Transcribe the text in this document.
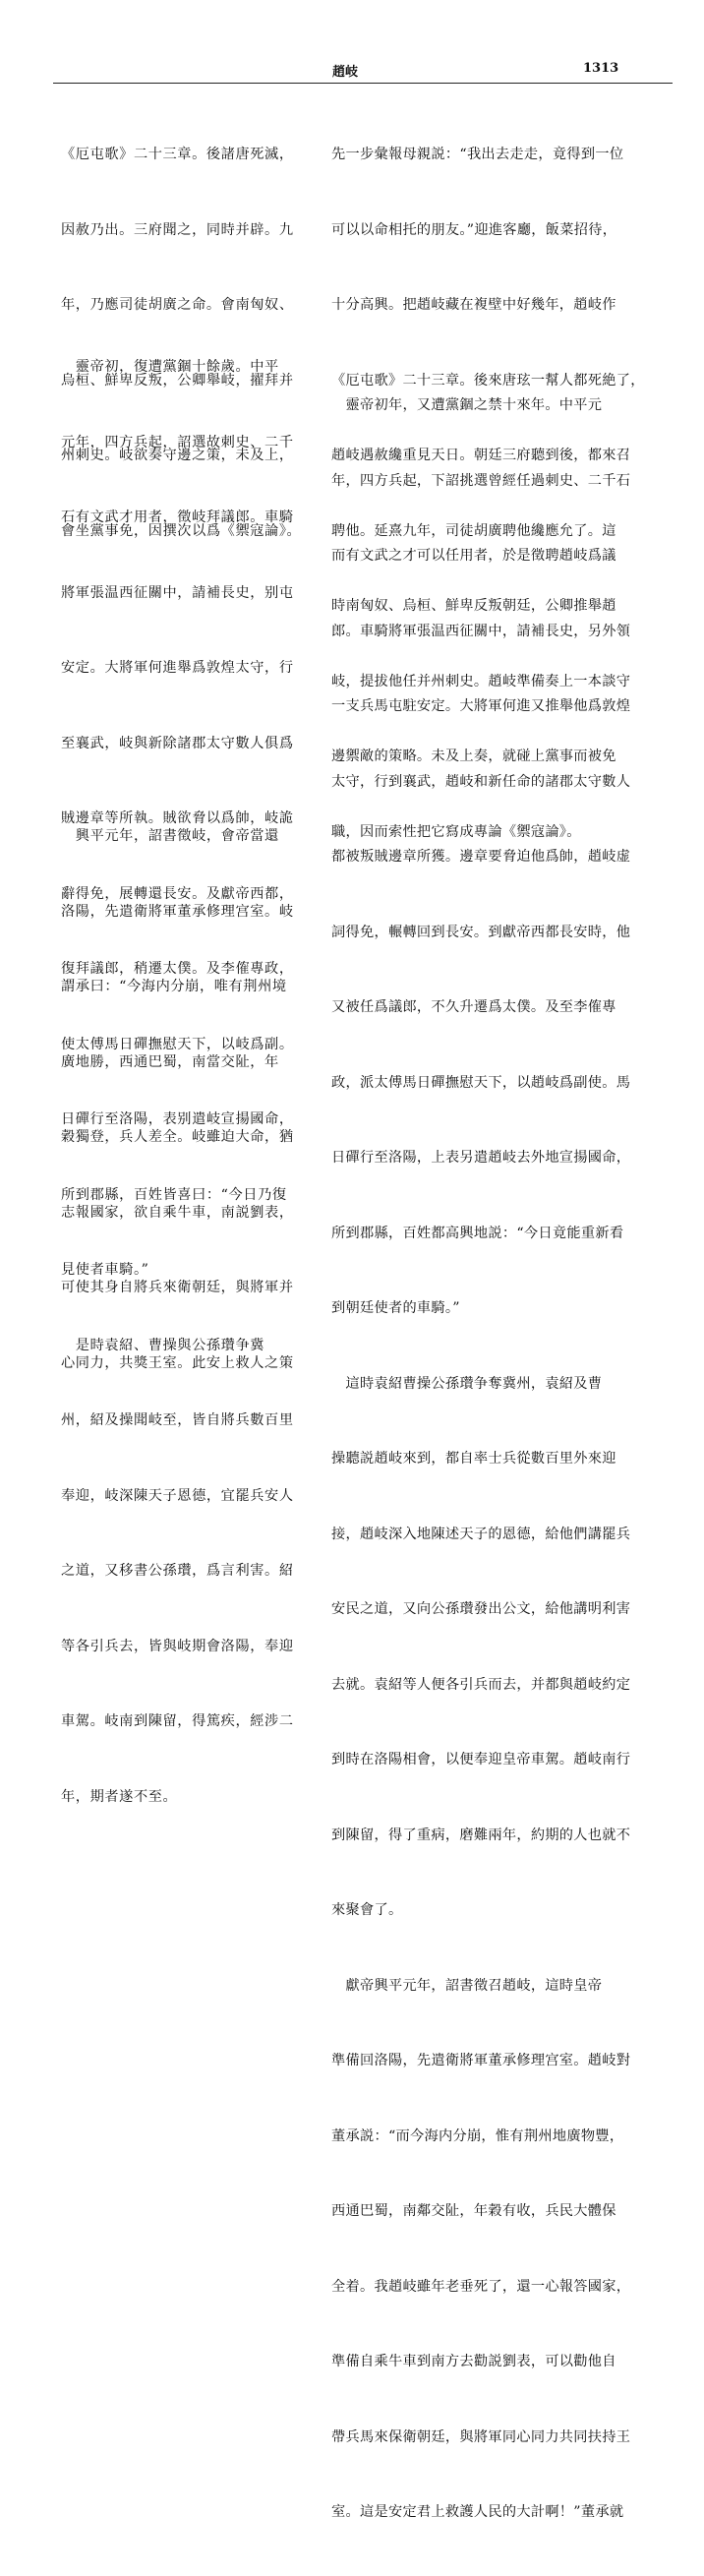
趙岐	1313

《厄屯歌》二十三章。後諸唐死滅，

因赦乃出。三府聞之，同時并辟。九

年，乃應司徒胡廣之命。會南匈奴、

烏桓、鮮卑反叛，公卿舉岐，擢拜并

州刺史。岐欲奏守邊之策，未及上，

會坐黨事免，因撰次以爲《禦寇論》。

　靈帝初，復遭黨錮十餘歲。中平

元年，四方兵起，詔選故刺史、二千

石有文武才用者，徵岐拜議郎。車騎

將軍張温西征關中，請補長史，别屯

安定。大將軍何進舉爲敦煌太守，行

至襄武，岐與新除諸郡太守數人俱爲

賊邊章等所執。賊欲脅以爲帥，岐詭

辭得免，展轉還長安。及獻帝西都，

復拜議郎，稍遷太僕。及李傕專政，

使太傅馬日磾撫慰天下，以岐爲副。

日磾行至洛陽，表别遣岐宣揚國命，

所到郡縣，百姓皆喜曰：“今日乃復

見使者車騎。”

　是時袁紹、曹操與公孫瓚争冀

州，紹及操聞岐至，皆自將兵數百里

奉迎，岐深陳天子恩德，宜罷兵安人

之道，又移書公孫瓚，爲言利害。紹

等各引兵去，皆與岐期會洛陽，奉迎

車駕。岐南到陳留，得篤疾，經涉二

年，期者遂不至。

　興平元年，詔書徵岐，會帝當還

洛陽，先遣衛將軍董承修理宫室。岐

謂承曰：“今海内分崩，唯有荆州境

廣地勝，西通巴蜀，南當交阯，年

穀獨登，兵人差全。岐雖迫大命，猶

志報國家，欲自乘牛車，南説劉表，

可使其身自將兵來衛朝廷，與將軍并

心同力，共獎王室。此安上救人之策

先一步彙報母親説：“我出去走走，竟得到一位

可以以命相托的朋友。”迎進客廳，飯菜招待，

十分高興。把趙岐藏在複壁中好幾年，趙岐作

《厄屯歌》二十三章。後來唐玹一幫人都死絶了，

趙岐遇赦纔重見天日。朝廷三府聽到後，都來召

聘他。延熹九年，司徒胡廣聘他纔應允了。這

時南匈奴、烏桓、鮮卑反叛朝廷，公卿推舉趙

岐，提拔他任并州刺史。趙岐準備奏上一本談守

邊禦敵的策略。未及上奏，就碰上黨事而被免

職，因而索性把它寫成專論《禦寇論》。

　靈帝初年，又遭黨錮之禁十來年。中平元

年，四方兵起，下詔挑選曾經任過刺史、二千石

而有文武之才可以任用者，於是徵聘趙岐爲議

郎。車騎將軍張温西征關中，請補長史，另外領

一支兵馬屯駐安定。大將軍何進又推舉他爲敦煌

太守，行到襄武，趙岐和新任命的諸郡太守數人

都被叛賊邊章所獲。邊章要脅迫他爲帥，趙岐虚

詞得免，輾轉回到長安。到獻帝西都長安時，他

又被任爲議郎，不久升遷爲太僕。及至李傕專

政，派太傅馬日磾撫慰天下，以趙岐爲副使。馬

日磾行至洛陽，上表另遣趙岐去外地宣揚國命，

所到郡縣，百姓都高興地説：“今日竟能重新看

到朝廷使者的車騎。”

　這時袁紹曹操公孫瓚争奪冀州，袁紹及曹

操聽説趙岐來到，都自率士兵從數百里外來迎

接，趙岐深入地陳述天子的恩德，給他們講罷兵

安民之道，又向公孫瓚發出公文，給他講明利害

去就。袁紹等人便各引兵而去，并都與趙岐約定

到時在洛陽相會，以便奉迎皇帝車駕。趙岐南行

到陳留，得了重病，磨難兩年，約期的人也就不

來聚會了。

　獻帝興平元年，詔書徵召趙岐，這時皇帝

準備回洛陽，先遣衛將軍董承修理宫室。趙岐對

董承説：“而今海内分崩，惟有荆州地廣物豐，

西通巴蜀，南鄰交阯，年穀有收，兵民大體保

全着。我趙岐雖年老垂死了，還一心報答國家，

準備自乘牛車到南方去勸説劉表，可以勸他自

帶兵馬來保衛朝廷，與將軍同心同力共同扶持王

室。這是安定君上救護人民的大計啊！”董承就
